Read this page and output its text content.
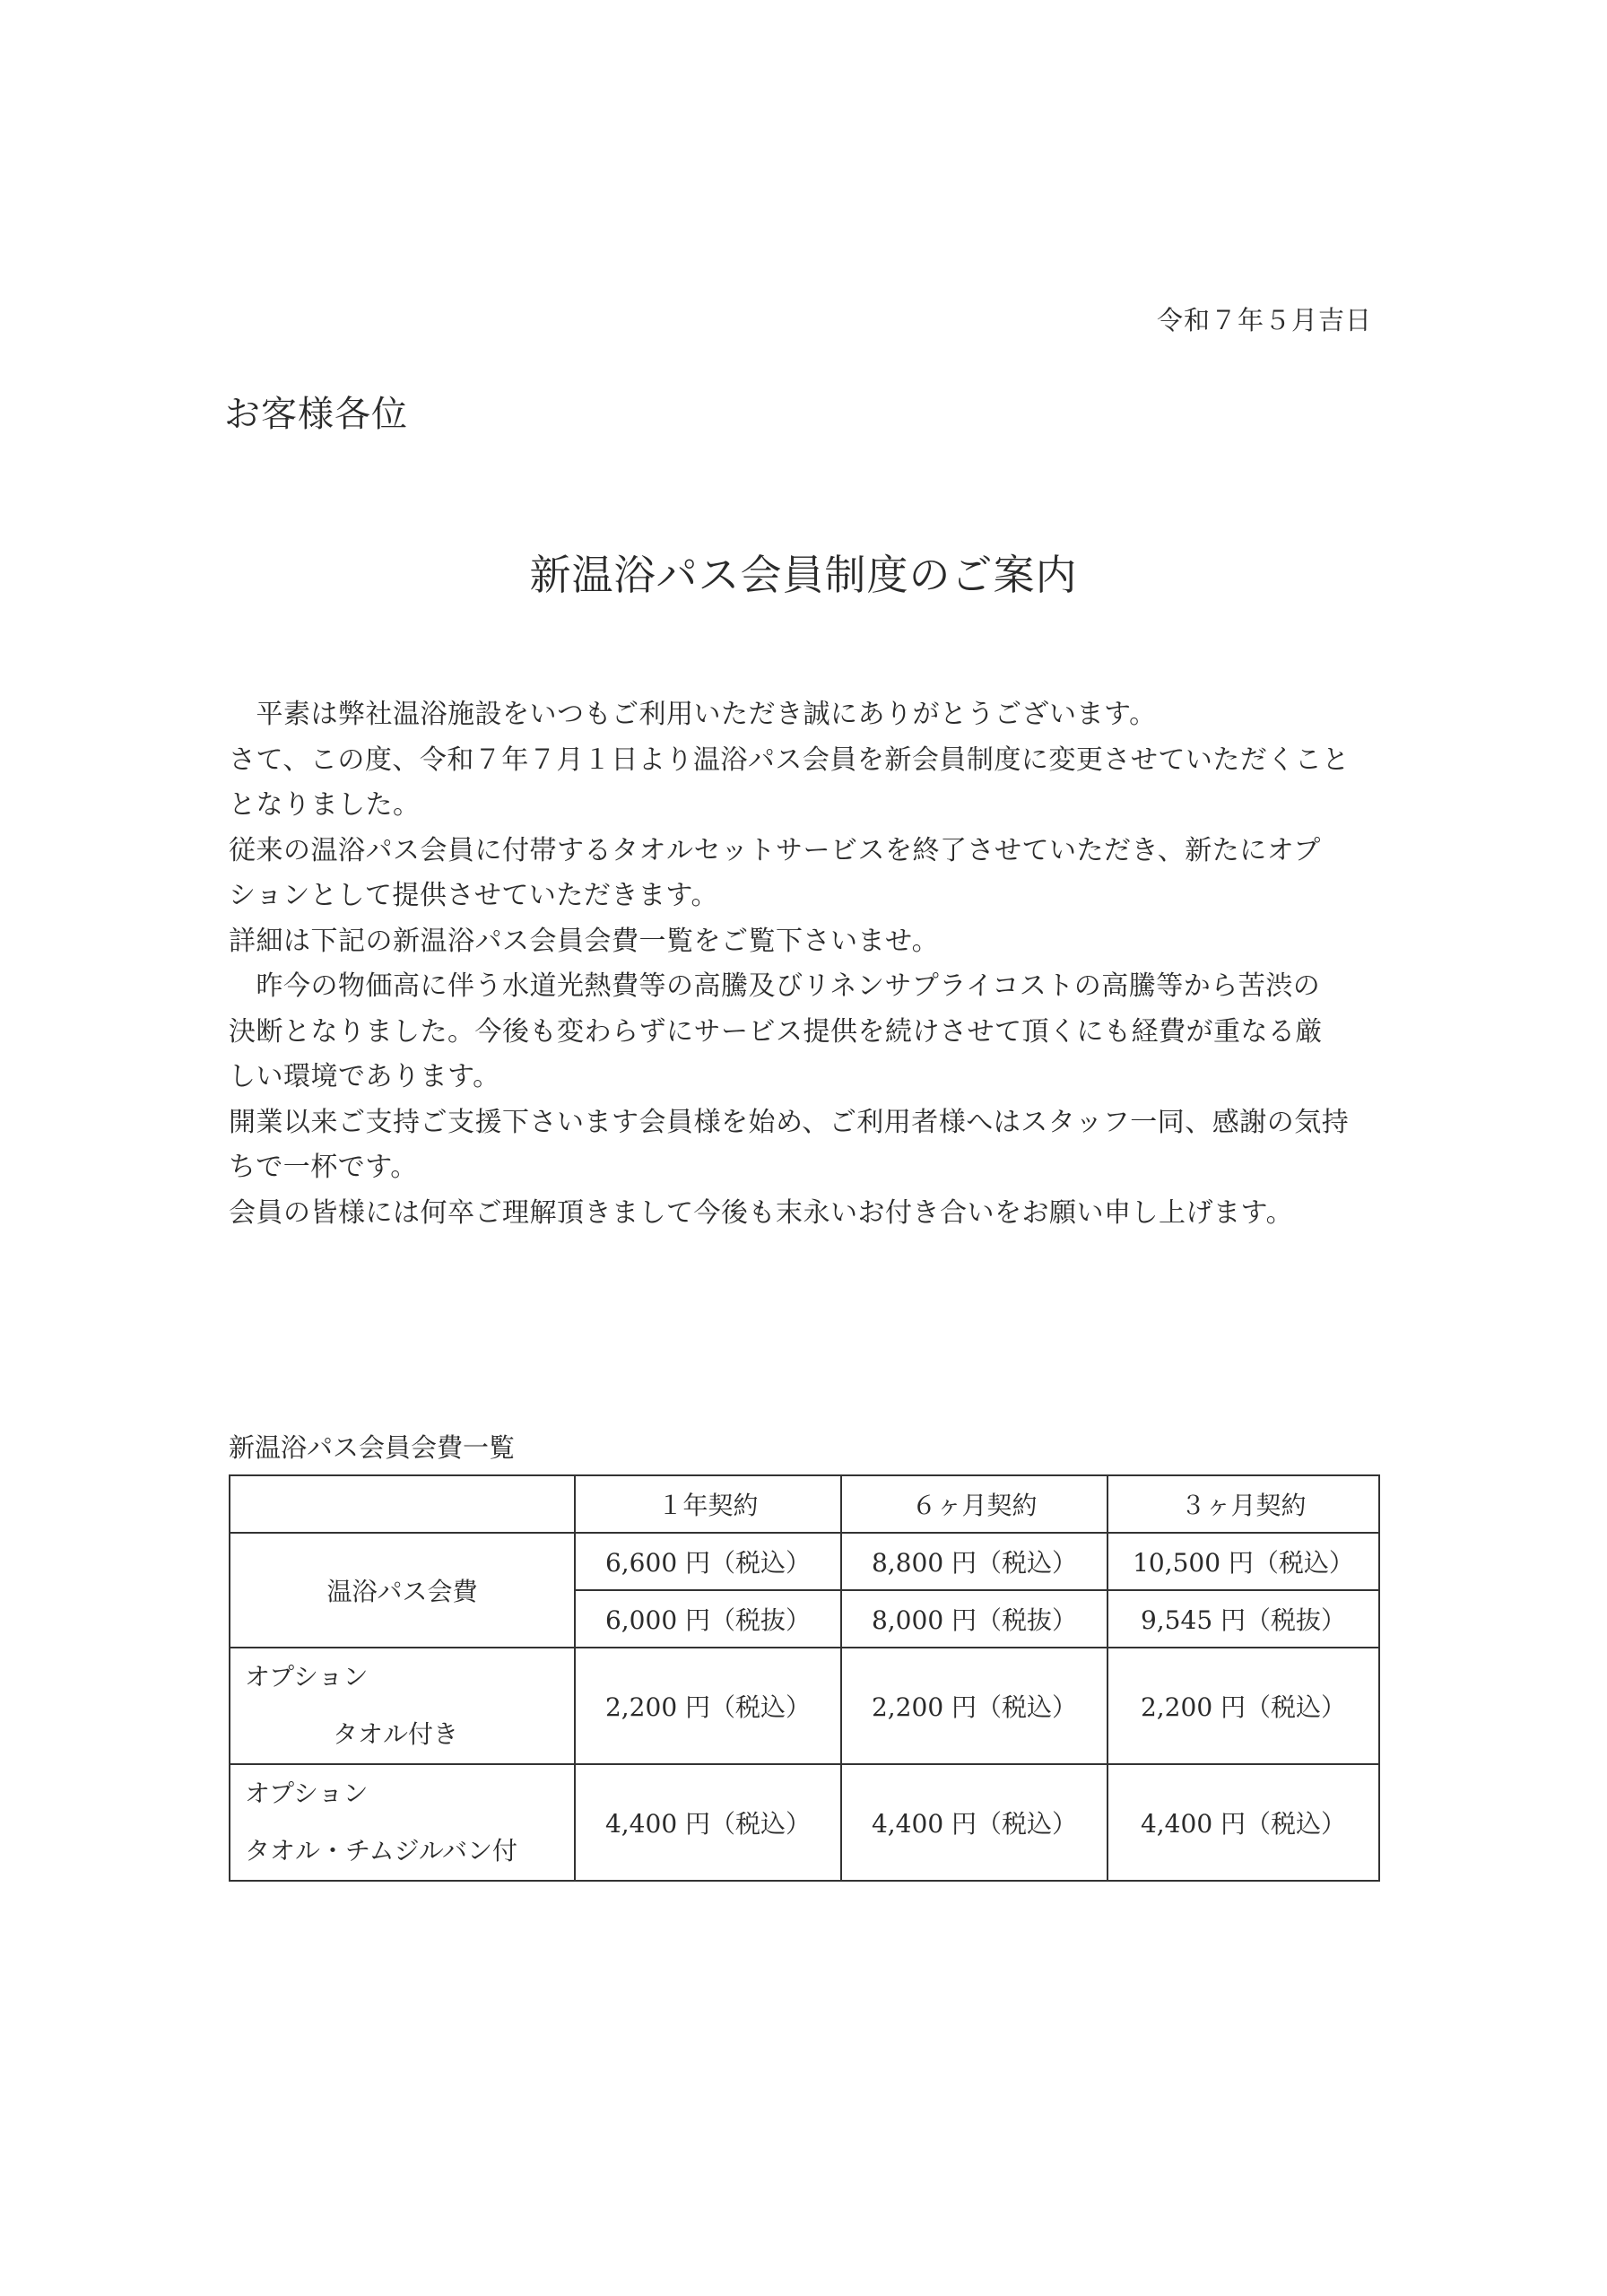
令和７年５月吉日
お客様各位
新温浴パス会員制度のご案内
　平素は弊社温浴施設をいつもご利用いただき誠にありがとうございます。
さて、この度、令和７年７月１日より温浴パス会員を新会員制度に変更させていただくこと
となりました。
従来の温浴パス会員に付帯するタオルセットサービスを終了させていただき、新たにオプ
ションとして提供させていただきます。
詳細は下記の新温浴パス会員会費一覧をご覧下さいませ。
　昨今の物価高に伴う水道光熱費等の高騰及びリネンサプライコストの高騰等から苦渋の
決断となりました。今後も変わらずにサービス提供を続けさせて頂くにも経費が重なる厳
しい環境であります。
開業以来ご支持ご支援下さいます会員様を始め、ご利用者様へはスタッフ一同、感謝の気持
ちで一杯です。
会員の皆様には何卒ご理解頂きまして今後も末永いお付き合いをお願い申し上げます。
新温浴パス会員会費一覧
	１年契約	６ヶ月契約	３ヶ月契約
温浴パス会費	6,600 円（税込）	8,800 円（税込）	10,500 円（税込）
	6,000 円（税抜）	8,000 円（税抜）	9,545 円（税抜）

オプション
タオル付き	2,200 円（税込）	2,200 円（税込）	2,200 円（税込）

オプション
タオル・チムジルバン付	4,400 円（税込）	4,400 円（税込）	4,400 円（税込）
